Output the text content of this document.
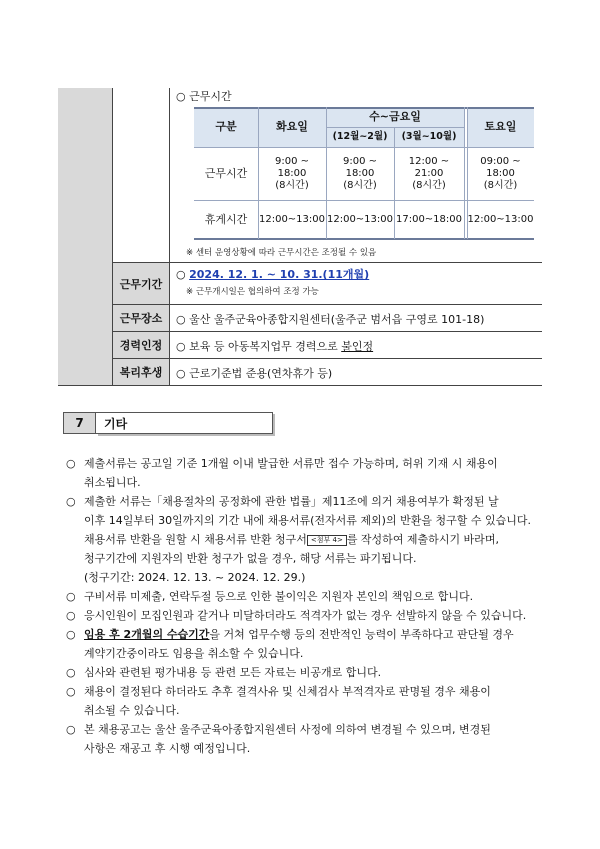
근무기간
근무장소
경력인정
복리후생
○ 근무시간
구분	화요일
수~금요일
(12월~2월) (3월~10월)
토요일
근무시간
휴게시간
9:00 ~
18:00
(8시간)
9:00 ~
18:00
(8시간)
12:00 ~
21:00
(8시간)
09:00 ~
18:00
(8시간)
12:00~13:00 12:00~13:00 17:00~18:00 12:00~13:00
※ 센터 운영상황에 따라 근무시간은 조정될 수 있음
○ 2024. 12. 1. ~ 10. 31.(11개월)
※ 근무개시일은 협의하여 조정 가능
○ 울산 울주군육아종합지원센터(울주군 범서읍 구영로 101-18)
○ 보육 등 아동복지업무 경력으로 불인정
○ 근로기준법 준용(연차휴가 등)
7	기타
○ 제출서류는 공고일 기준 1개월 이내 발급한 서류만 접수 가능하며, 허위 기재 시 채용이
취소됩니다.
○ 제출한 서류는「채용절차의 공정화에 관한 법률」제11조에 의거 채용여부가 확정된 날
이후 14일부터 30일까지의 기간 내에 채용서류(전자서류 제외)의 반환을 청구할 수 있습니다.
채용서류 반환을 원할 시 채용서류 반환 청구서 <첨부 4> 를 작성하여 제출하시기 바라며,
청구기간에 지원자의 반환 청구가 없을 경우, 해당 서류는 파기됩니다.
(청구기간: 2024. 12. 13. ~ 2024. 12. 29.)
○ 구비서류 미제출, 연락두절 등으로 인한 불이익은 지원자 본인의 책임으로 합니다.
○ 응시인원이 모집인원과 같거나 미달하더라도 적격자가 없는 경우 선발하지 않을 수 있습니다.
○ 임용 후 2개월의 수습기간을 거쳐 업무수행 등의 전반적인 능력이 부족하다고 판단될 경우
계약기간중이라도 임용을 취소할 수 있습니다.
○ 심사와 관련된 평가내용 등 관련 모든 자료는 비공개로 합니다.
○ 채용이 결정된다 하더라도 추후 결격사유 및 신체검사 부적격자로 판명될 경우 채용이
취소될 수 있습니다.
○ 본 채용공고는 울산 울주군육아종합지원센터 사정에 의하여 변경될 수 있으며, 변경된
사항은 재공고 후 시행 예정입니다.
